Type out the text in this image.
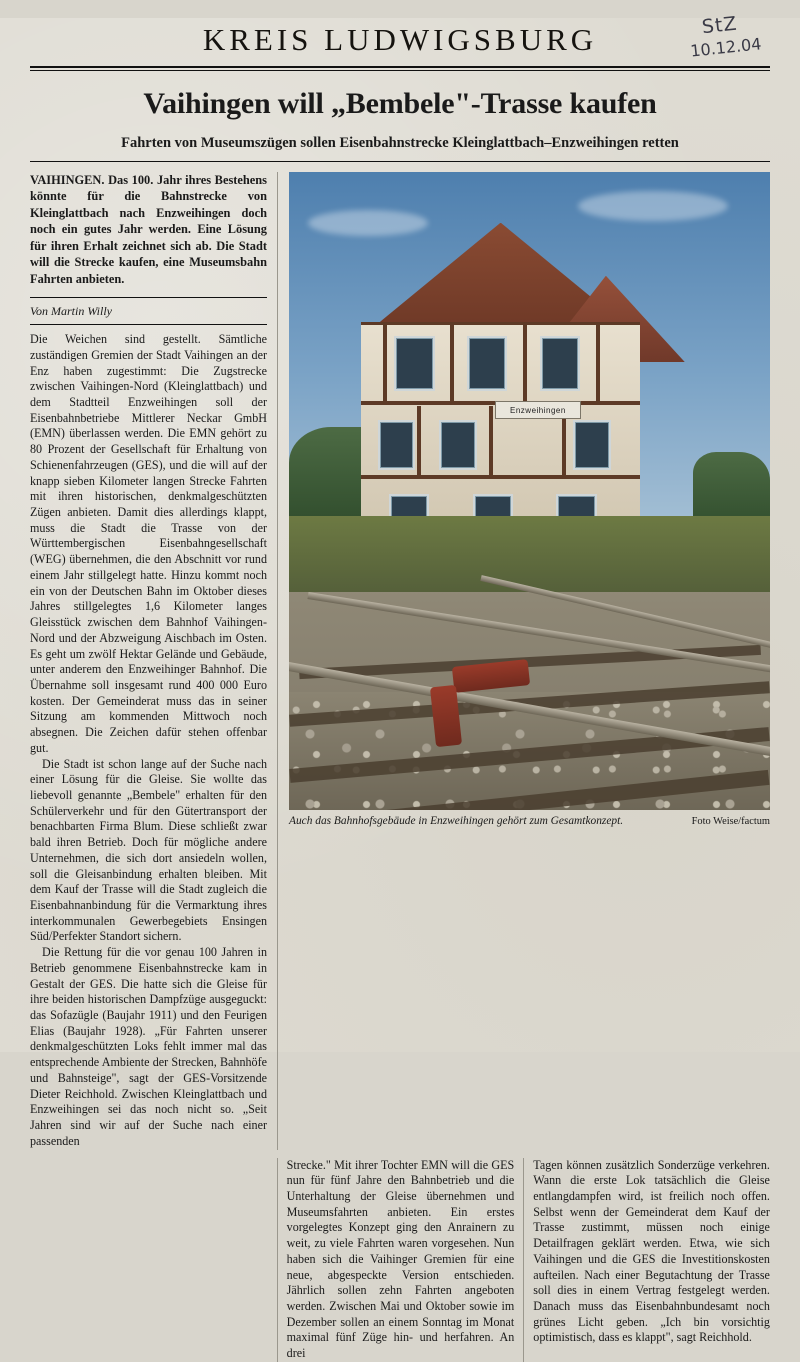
KREIS LUDWIGSBURG	StZ
10.12.04
Vaihingen will „Bembele"-Trasse kaufen
Fahrten von Museumszügen sollen Eisenbahnstrecke Kleinglattbach–Enzweihingen retten

VAIHINGEN. Das 100. Jahr ihres Bestehens könnte für die Bahnstrecke von Kleinglattbach nach Enzweihingen doch noch ein gutes Jahr werden. Eine Lösung für ihren Erhalt zeichnet sich ab. Die Stadt will die Strecke kaufen, eine Museumsbahn Fahrten anbieten.

Von Martin Willy

Die Weichen sind gestellt. Sämtliche zuständigen Gremien der Stadt Vaihingen an der Enz haben zugestimmt: Die Zugstrecke zwischen Vaihingen-Nord (Kleinglattbach) und dem Stadtteil Enzweihingen soll der Eisenbahnbetriebe Mittlerer Neckar GmbH (EMN) überlassen werden. Die EMN gehört zu 80 Prozent der Gesellschaft für Erhaltung von Schienenfahrzeugen (GES), und die will auf der knapp sieben Kilometer langen Strecke Fahrten mit ihren historischen, denkmalgeschützten Zügen anbieten. Damit dies allerdings klappt, muss die Stadt die Trasse von der Württembergischen Eisenbahngesellschaft (WEG) übernehmen, die den Abschnitt vor rund einem Jahr stillgelegt hatte. Hinzu kommt noch ein von der Deutschen Bahn im Oktober dieses Jahres stillgelegtes 1,6 Kilometer langes Gleisstück zwischen dem Bahnhof Vaihingen-Nord und der Abzweigung Aischbach im Osten. Es geht um zwölf Hektar Gelände und Gebäude, unter anderem den Enzweihinger Bahnhof. Die Übernahme soll insgesamt rund 400 000 Euro kosten. Der Gemeinderat muss das in seiner Sitzung am kommenden Mittwoch noch absegnen. Die Zeichen dafür stehen offenbar gut.

Die Stadt ist schon lange auf der Suche nach einer Lösung für die Gleise. Sie wollte das liebevoll genannte „Bembele" erhalten für den Schülerverkehr und für den Gütertransport der benachbarten Firma Blum. Diese schließt zwar bald ihren Betrieb. Doch für mögliche andere Unternehmen, die sich dort ansiedeln wollen, soll die Gleisanbindung erhalten bleiben. Mit dem Kauf der Trasse will die Stadt zugleich die Eisenbahnanbindung für die Vermarktung ihres interkommunalen Gewerbegebiets Ensingen Süd/Perfekter Standort sichern.

Die Rettung für die vor genau 100 Jahren in Betrieb genommene Eisenbahnstrecke kam in Gestalt der GES. Die hatte sich die Gleise für ihre beiden historischen Dampfzüge ausgeguckt: das Sofazügle (Baujahr 1911) und den Feurigen Elias (Baujahr 1928). „Für Fahrten unserer denkmalgeschützten Loks fehlt immer mal das entsprechende Ambiente der Strecken, Bahnhöfe und Bahnsteige", sagt der GES-Vorsitzende Dieter Reichhold. Zwischen Kleinglattbach und Enzweihingen sei das noch nicht so. „Seit Jahren sind wir auf der Suche nach einer passenden

Enzweihingen
Auch das Bahnhofsgebäude in Enzweihingen gehört zum Gesamtkonzept.	Foto Weise/factum

Strecke." Mit ihrer Tochter EMN will die GES nun für fünf Jahre den Bahnbetrieb und die Unterhaltung der Gleise übernehmen und Museumsfahrten anbieten. Ein erstes vorgelegtes Konzept ging den Anrainern zu weit, zu viele Fahrten waren vorgesehen. Nun haben sich die Vaihinger Gremien für eine neue, abgespeckte Version entschieden. Jährlich sollen zehn Fahrten angeboten werden. Zwischen Mai und Oktober sowie im Dezember sollen an einem Sonntag im Monat maximal fünf Züge hin- und herfahren. An drei

Tagen können zusätzlich Sonderzüge verkehren. Wann die erste Lok tatsächlich die Gleise entlangdampfen wird, ist freilich noch offen. Selbst wenn der Gemeinderat dem Kauf der Trasse zustimmt, müssen noch einige Detailfragen geklärt werden. Etwa, wie sich Vaihingen und die GES die Investitionskosten aufteilen. Nach einer Begutachtung der Trasse soll dies in einem Vertrag festgelegt werden. Danach muss das Eisenbahnbundesamt noch grünes Licht geben. „Ich bin vorsichtig optimistisch, dass es klappt", sagt Reichhold.
